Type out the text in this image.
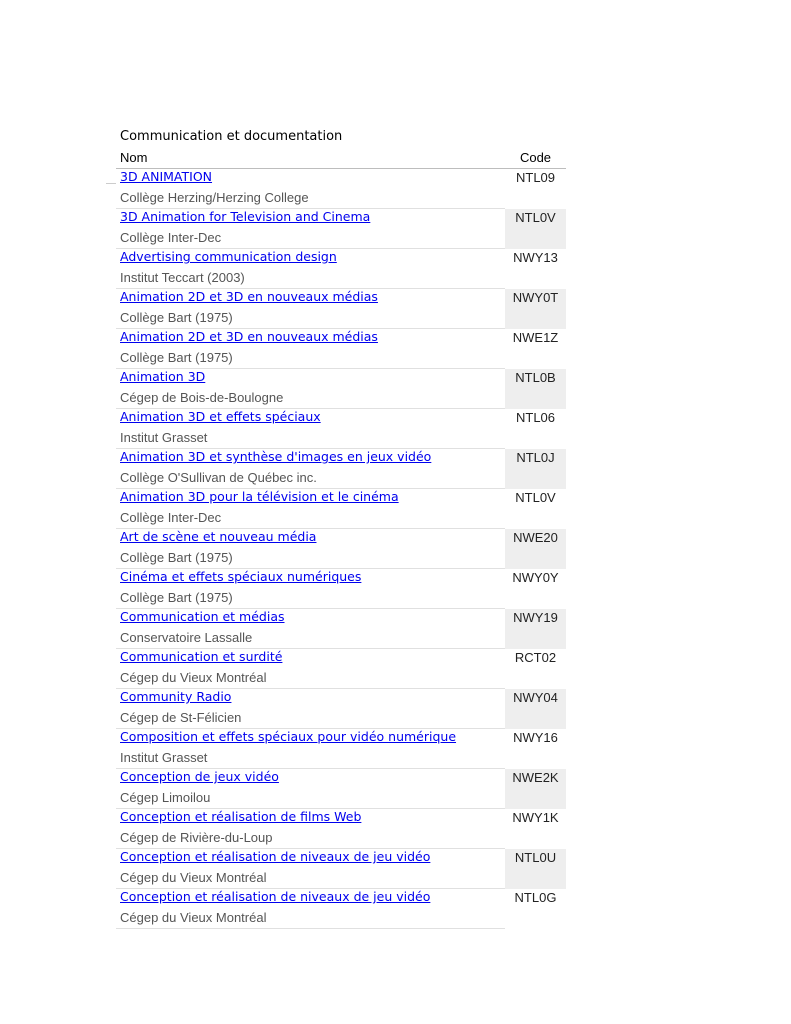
Communication et documentation
Nom	Code
3D ANIMATION
Collège Herzing/Herzing College
NTL09
3D Animation for Television and Cinema
Collège Inter-Dec
NTL0V
Advertising communication design
Institut Teccart (2003)
NWY13
Animation 2D et 3D en nouveaux médias
Collège Bart (1975)
NWY0T
Animation 2D et 3D en nouveaux médias
Collège Bart (1975)
NWE1Z
Animation 3D
Cégep de Bois-de-Boulogne
NTL0B
Animation 3D et effets spéciaux
Institut Grasset
NTL06
Animation 3D et synthèse d'images en jeux vidéo
Collège O'Sullivan de Québec inc.
NTL0J
Animation 3D pour la télévision et le cinéma
Collège Inter-Dec
NTL0V
Art de scène et nouveau média
Collège Bart (1975)
NWE20
Cinéma et effets spéciaux numériques
Collège Bart (1975)
NWY0Y
Communication et médias
Conservatoire Lassalle
NWY19
Communication et surdité
Cégep du Vieux Montréal
RCT02
Community Radio
Cégep de St-Félicien
NWY04
Composition et effets spéciaux pour vidéo numérique
Institut Grasset
NWY16
Conception de jeux vidéo
Cégep Limoilou
NWE2K
Conception et réalisation de films Web
Cégep de Rivière-du-Loup
NWY1K
Conception et réalisation de niveaux de jeu vidéo
Cégep du Vieux Montréal
NTL0U
Conception et réalisation de niveaux de jeu vidéo
Cégep du Vieux Montréal
NTL0G
